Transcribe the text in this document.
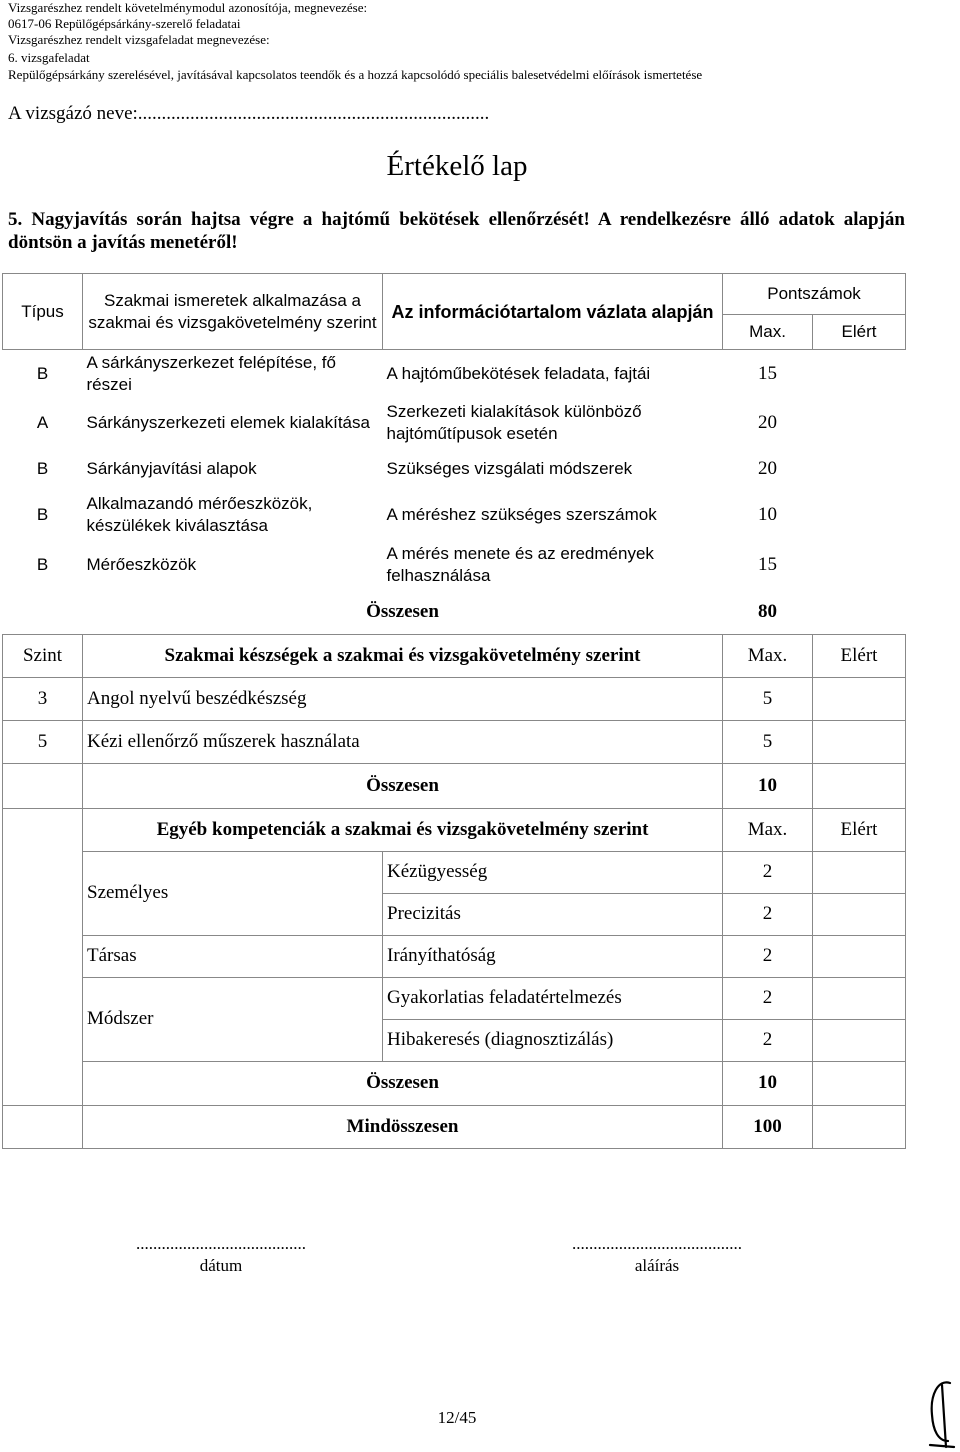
Vizsgarészhez rendelt követelménymodul azonosítója, megnevezése:
0617-06 Repülőgépsárkány-szerelő feladatai
Vizsgarészhez rendelt vizsgafeladat megnevezése:
6. vizsgafeladat
Repülőgépsárkány szerelésével, javításával kapcsolatos teendők és a hozzá kapcsolódó speciális balesetvédelmi előírások ismertetése
A vizsgázó neve:..........................................................................
Értékelő lap
5. Nagyjavítás során hajtsa végre a hajtómű bekötések ellenőrzését! A rendelkezésre álló adatok alapján döntsön a javítás menetéről!
Típus	Szakmai ismeretek alkalmazása a szakmai és vizsgakövetelmény szerint	Az információtartalom vázlata alapján	Pontszámok	
			Max.	Elért
B	A sárkányszerkezet felépítése, fő részei	A hajtóműbekötések feladata, fajtái	15	
A	Sárkányszerkezeti elemek kialakítása	Szerkezeti kialakítások különböző hajtóműtípusok esetén	20	
B	Sárkányjavítási alapok	Szükséges vizsgálati módszerek	20	
B	Alkalmazandó mérőeszközök, készülékek kiválasztása	A méréshez szükséges szerszámok	10	
B	Mérőeszközök	A mérés menete és az eredmények felhasználása	15	
	Összesen		80	
Szint	Szakmai készségek a szakmai és vizsgakövetelmény szerint		Max.	Elért
3	Angol nyelvű beszédkészség		5	
5	Kézi ellenőrző műszerek használata		5	
	Összesen		10	
	Egyéb kompetenciák a szakmai és vizsgakövetelmény szerint		Max.	Elért
	Személyes	Kézügyesség	2	
		Precizitás	2	
	Társas	Irányíthatóság	2	
	Módszer	Gyakorlatias feladatértelmezés	2	
		Hibakeresés (diagnosztizálás)	2	
	Összesen		10	
	Mindösszesen		100	
........................................
dátum
........................................
aláírás
12/45
